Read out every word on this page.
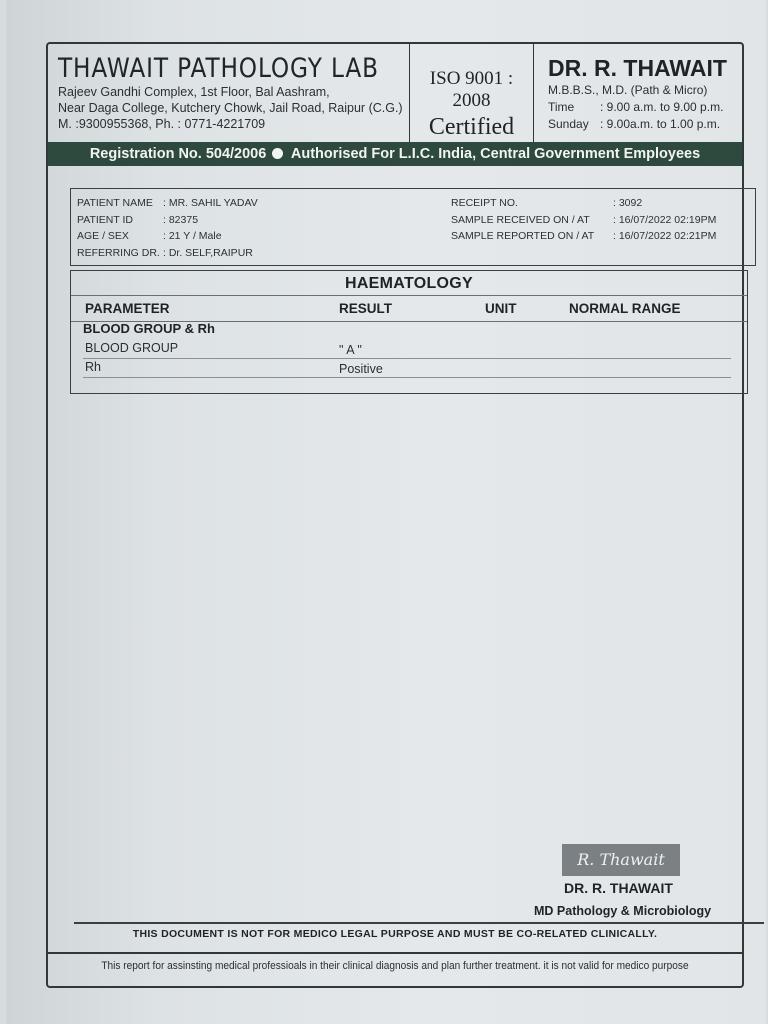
THAWAIT PATHOLOGY LAB
Rajeev Gandhi Complex, 1st Floor, Bal Aashram,
Near Daga College, Kutchery Chowk, Jail Road, Raipur (C.G.)
M. :9300955368, Ph. : 0771-4221709
ISO 9001 : 2008
Certified
DR. R. THAWAIT
M.B.B.S., M.D. (Path & Micro)
Time	: 9.00 a.m. to 9.00 p.m.
Sunday : 9.00a.m. to 1.00 p.m.
Registration No. 504/2006 Authorised For L.I.C. India, Central Government Employees
PATIENT NAME : MR. SAHIL YADAV
PATIENT ID	: 82375
AGE / SEX	: 21 Y / Male
REFERRING DR. : Dr. SELF,RAIPUR
RECEIPT NO.	: 3092
SAMPLE RECEIVED ON / AT	: 16/07/2022 02:19PM
SAMPLE REPORTED ON / AT	: 16/07/2022 02:21PM
HAEMATOLOGY
PARAMETER	RESULT	UNIT	NORMAL RANGE
BLOOD GROUP & Rh
BLOOD GROUP	" A "
Rh	Positive
R. Thawait
DR. R. THAWAIT
MD Pathology & Microbiology
THIS DOCUMENT IS NOT FOR MEDICO LEGAL PURPOSE AND MUST BE CO-RELATED CLINICALLY.
This report for assinsting medical professioals in their clinical diagnosis and plan further treatment. it is not valid for medico purpose
